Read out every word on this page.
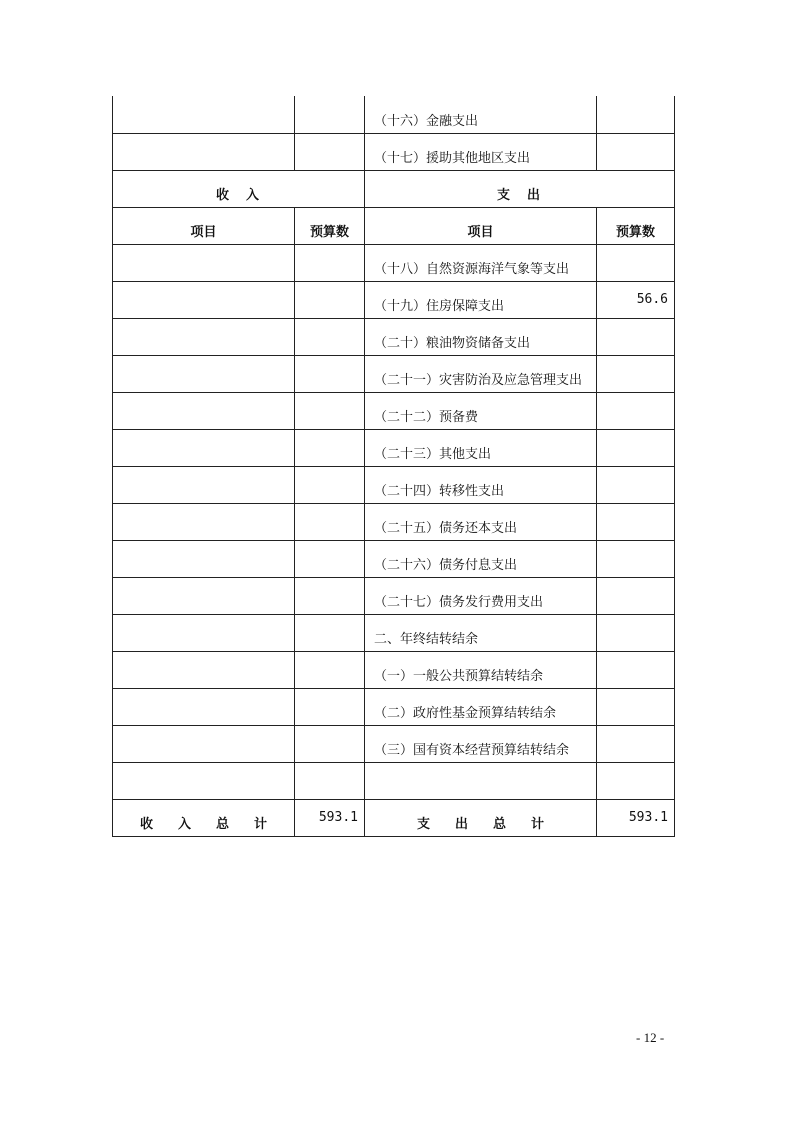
		（十六）金融支出	
		（十七）援助其他地区支出	
收　入		支　出	
项目	预算数	项目	预算数
		（十八）自然资源海洋气象等支出	
		（十九）住房保障支出	56.6
		（二十）粮油物资储备支出	
		（二十一）灾害防治及应急管理支出	
		（二十二）预备费	
		（二十三）其他支出	
		（二十四）转移性支出	
		（二十五）债务还本支出	
		（二十六）债务付息支出	
		（二十七）债务发行费用支出	
		二、年终结转结余	
		（一）一般公共预算结转结余	
		（二）政府性基金预算结转结余	
		（三）国有资本经营预算结转结余	

收 入 总 计	593.1	支 出 总 计	593.1
- 12 -
